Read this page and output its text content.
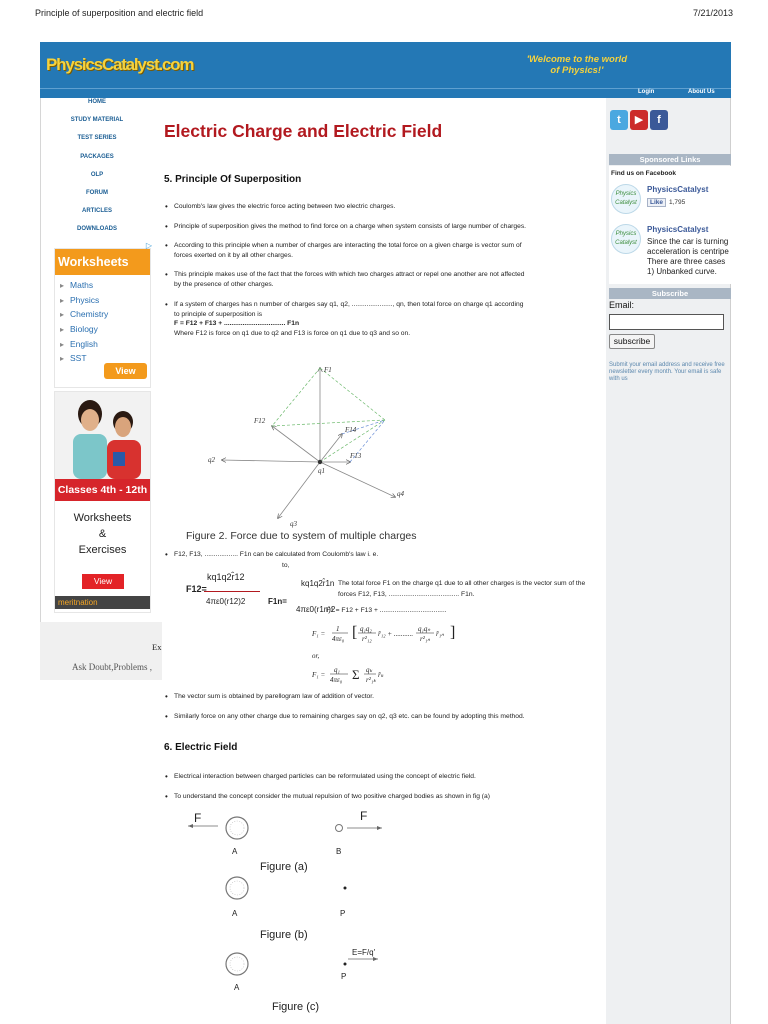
Principle of superposition and electric field	7/21/2013
PhysicsCatalyst.com	'Welcome to the world
of Physics!'
Login	About Us
HOME
STUDY MATERIAL
TEST SERIES
PACKAGES
OLP
FORUM
ARTICLES
DOWNLOADS
▷
Worksheets
▸ Maths
▸ Physics
▸ Chemistry
▸ Biology
▸ English
▸ SST
View
Classes 4th - 12th
Worksheets
&
Exercises
View
meritnation
Ex
Ask Doubt,Problems ,
Electric Charge and Electric Field
5. Principle Of Superposition
• Coulomb's law gives the electric force acting between two electric charges.
• Principle of superposition gives the method to find force on a charge when system consists of large number of charges.
• According to this principle when a number of charges are interacting the total force on a given charge is vector sum of
forces exerted on it by all other charges.
• This principle makes use of the fact that the forces with which two charges attract or repel one another are not affected
by the presence of other charges.
• If a system of charges has n number of charges say q1, q2, ......................, qn, then total force on charge q1 according
to principle of superposition is
F = F12 + F13 + ................................. F1n
Where F12 is force on q1 due to q2 and F13 is force on q1 due to q3 and so on.
F1
F12
F14
F13
q1
q2
q3
q4
Figure 2. Force due to system of multiple charges
• F12, F13, .................. F1n can be calculated from Coulomb's law i. e.
to,
kq1q2r̂12
F12=
4πε0(r12)2	F1n=
kq1q2r̂1n
4πε0(r1n)2
The total force F1 on the charge q1 due to all other charges is the vector sum of the
forces F12, F13, ...................................... F1n.
F1 = F12 + F13 + ....................................
F₁ =
1
4πε₀ [ q₁q₂
r²₁₂
r̂₁₂ + ...........
q₁qₙ
r²₁ₙ
r̂₁ₙ ]
or,
F₁ =
q₁
4πε₀ Σ qₖ
r²₁ₖ
r̂ₖ
• The vector sum is obtained by parellogram law of addition of vector.
• Similarly force on any other charge due to remaining charges say on q2, q3 etc. can be found by adopting this method.
6. Electric Field
• Electrical interaction between charged particles can be reformulated using the concept of electric field.
• To understand the concept consider the mutual repulsion of two positive charged bodies as shown in fig (a)
F
A
F
B
Figure (a)
A	P
Figure (b)
A
E=F/q'
P
Figure (c)
t	▶	f
Sponsored Links
Find us on Facebook
Physics
Catalyst
PhysicsCatalyst
Like 1,795
Physics
Catalyst
PhysicsCatalyst
Since the car is turning
acceleration is centripe
There are three cases
1) Unbanked curve.
Subscribe
Email:
subscribe
Submit your email address and receive free newsletter every month. Your email is safe with us
